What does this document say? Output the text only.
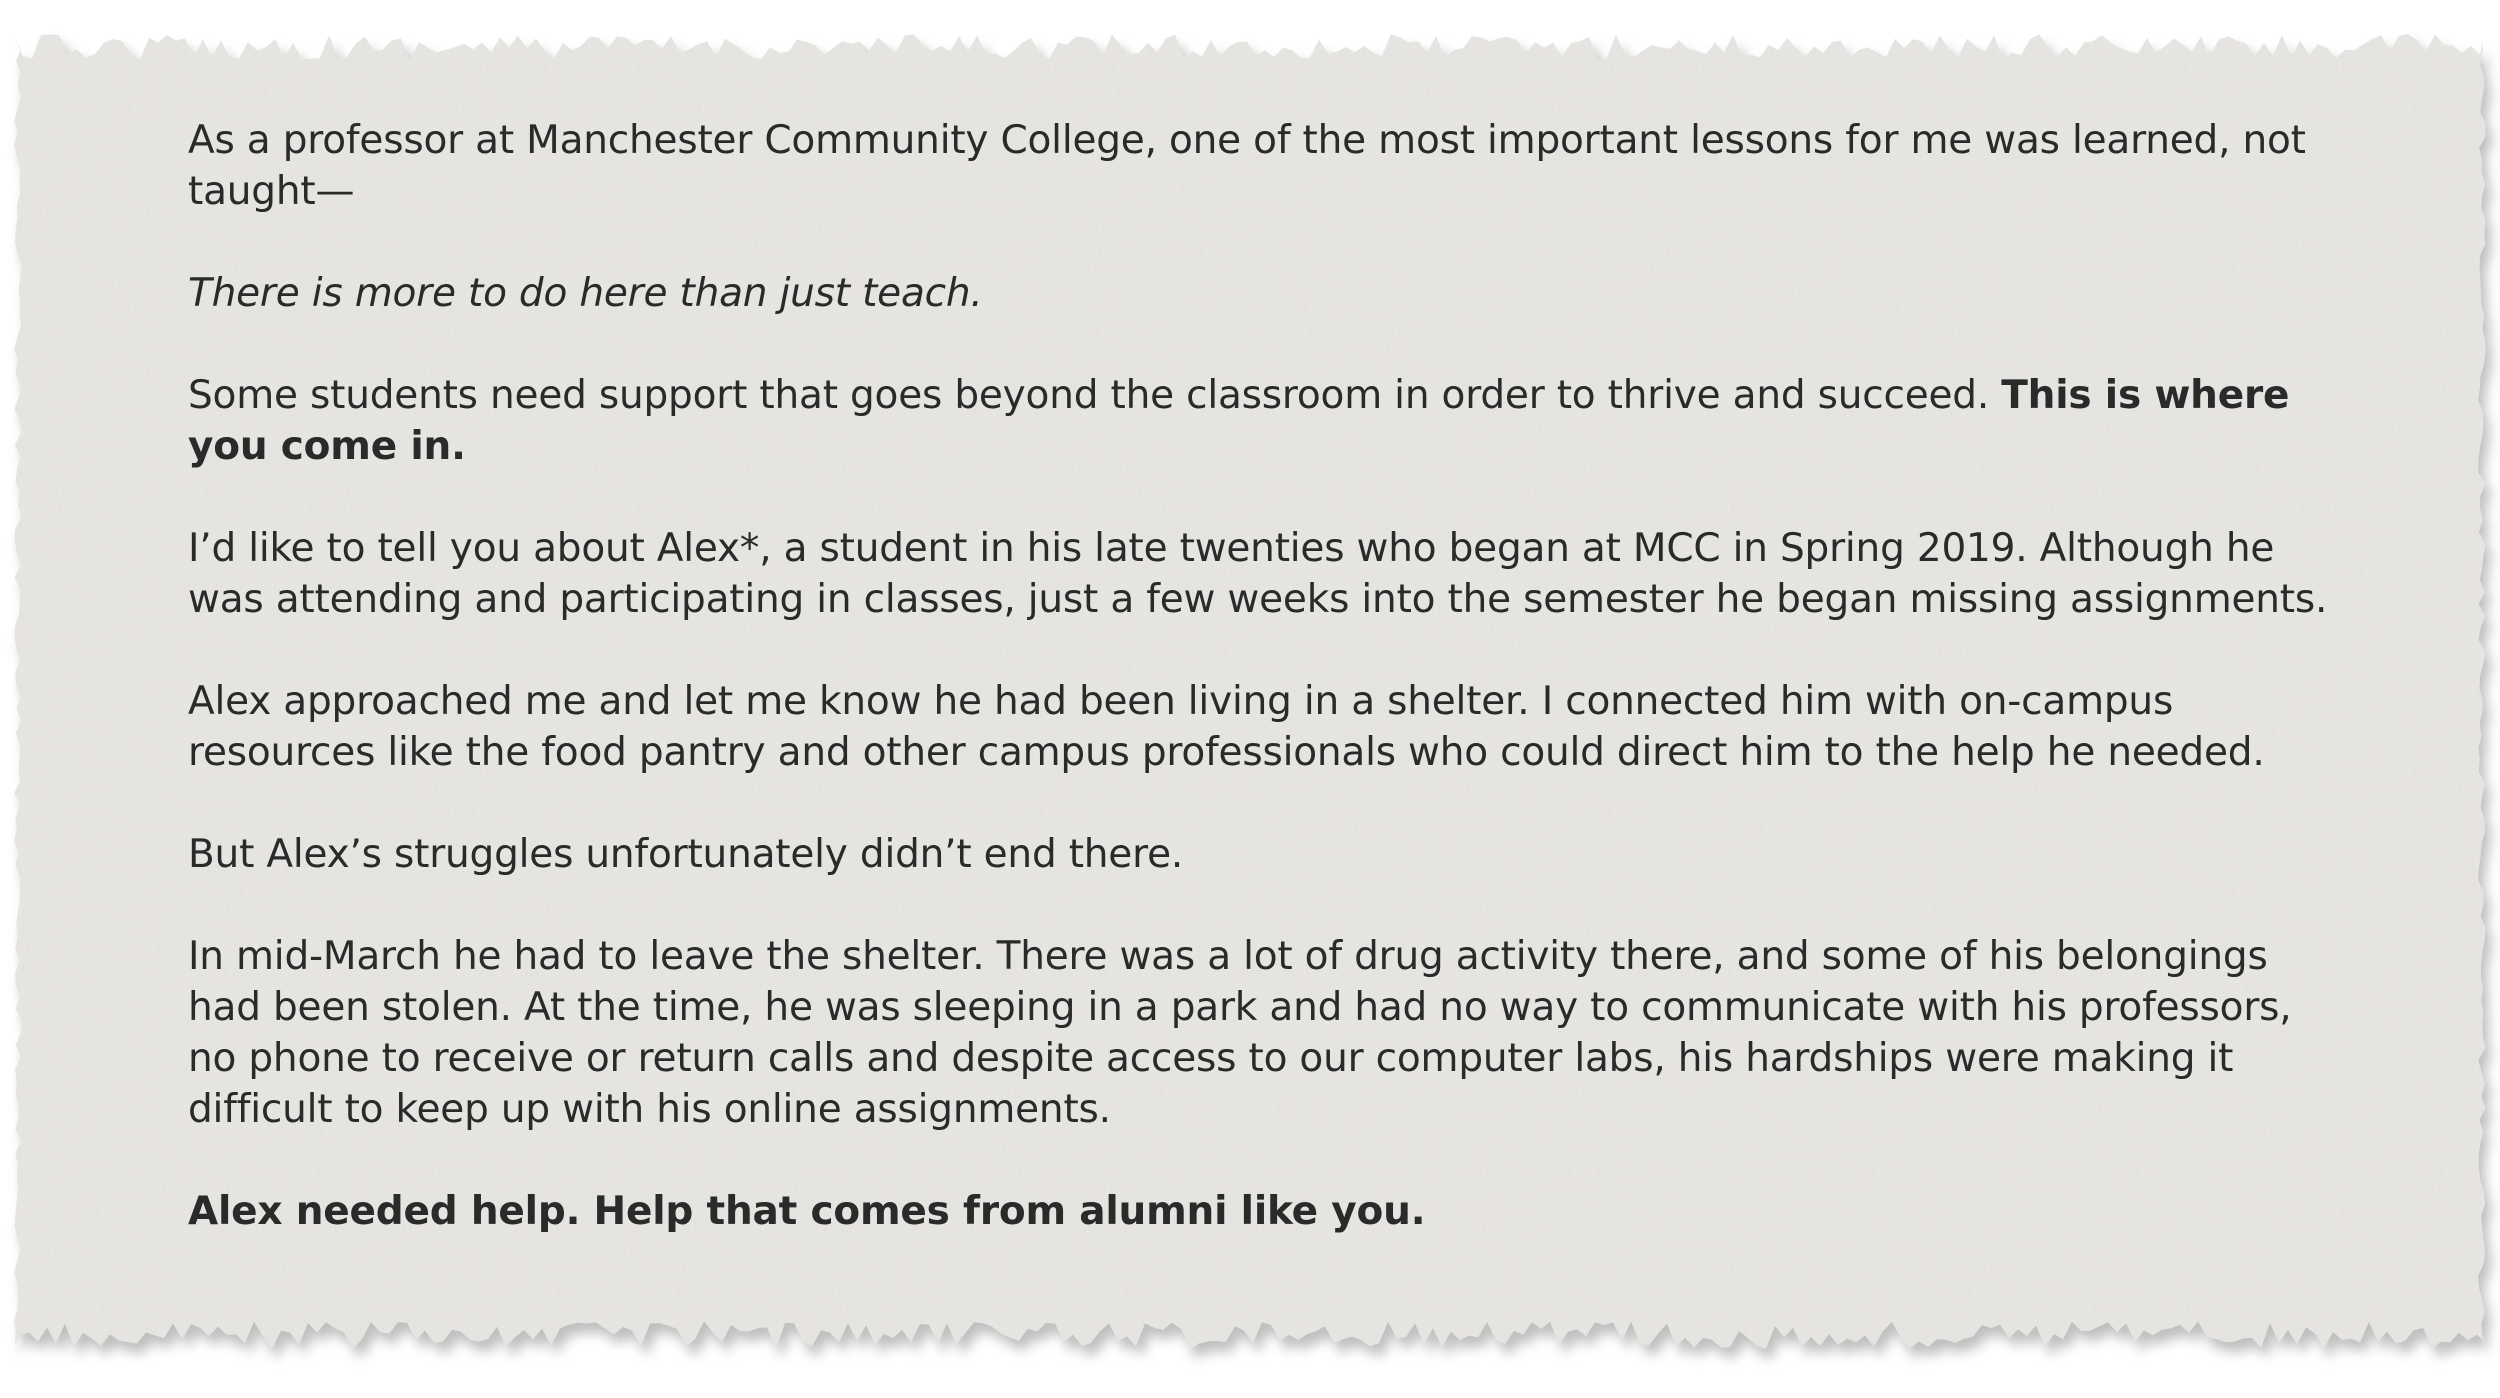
As a professor at Manchester Community College, one of the most important lessons for me was learned, not taught—

There is more to do here than just teach.

Some students need support that goes beyond the classroom in order to thrive and succeed. This is where you come in.

I’d like to tell you about Alex*, a student in his late twenties who began at MCC in Spring 2019. Although he was attending and participating in classes, just a few weeks into the semester he began missing assignments.

Alex approached me and let me know he had been living in a shelter. I connected him with on-campus resources like the food pantry and other campus professionals who could direct him to the help he needed.

But Alex’s struggles unfortunately didn’t end there.

In mid-March he had to leave the shelter. There was a lot of drug activity there, and some of his belongings had been stolen. At the time, he was sleeping in a park and had no way to communicate with his professors, no phone to receive or return calls and despite access to our computer labs, his hardships were making it difficult to keep up with his online assignments.

Alex needed help. Help that comes from alumni like you.
